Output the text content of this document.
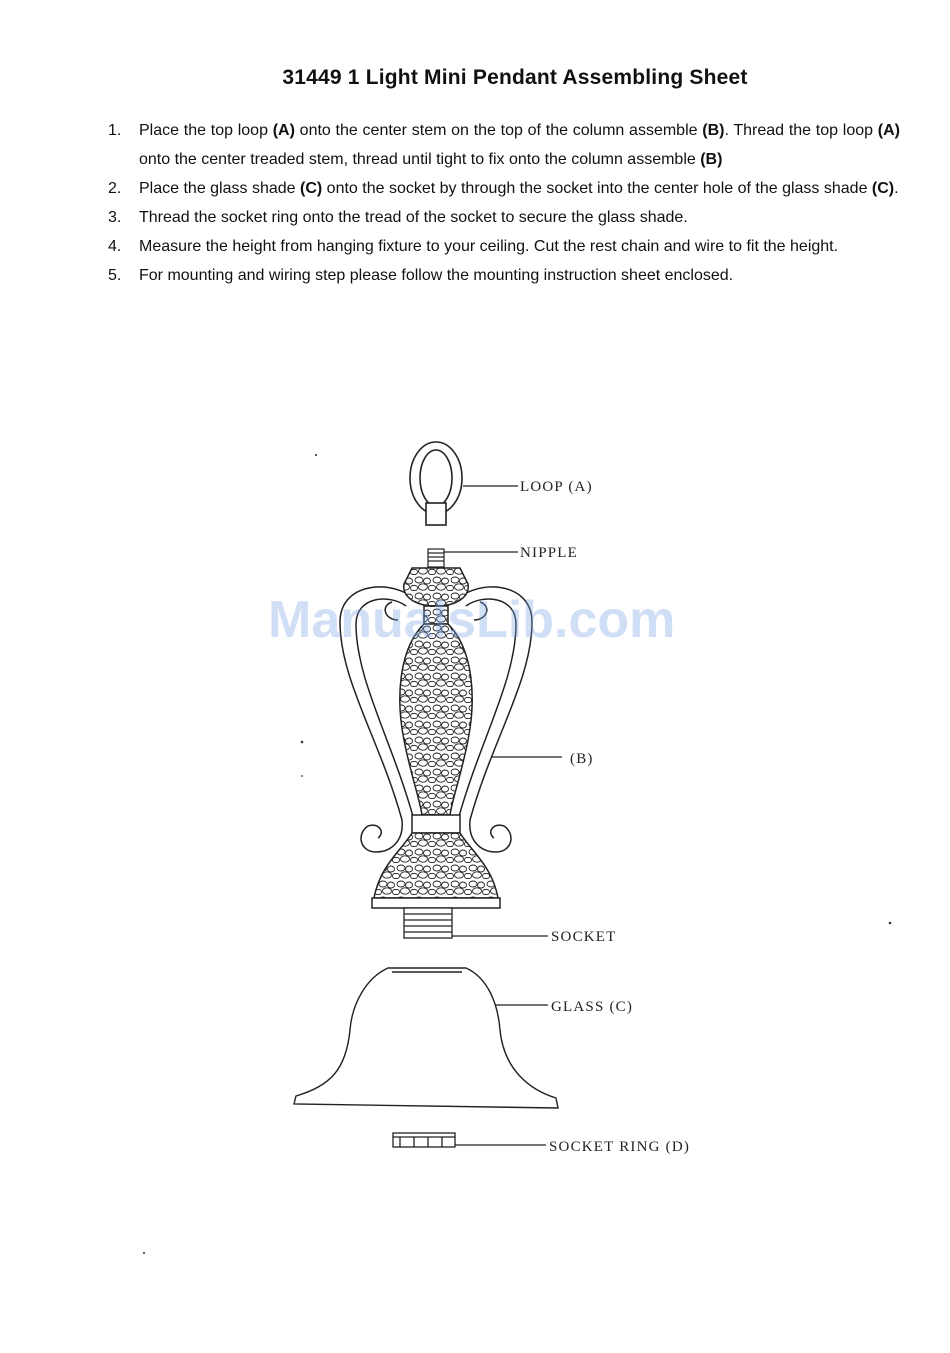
31449 1 Light Mini Pendant Assembling Sheet
1. Place the top loop (A) onto the center stem on the top of the column assemble (B). Thread the top loop (A) onto the center treaded stem, thread until tight to fix onto the column assemble (B)
2. Place the glass shade (C) onto the socket by through the socket into the center hole of the glass shade (C).
3. Thread the socket ring onto the tread of the socket to secure the glass shade.
4. Measure the height from hanging fixture to your ceiling. Cut the rest chain and wire to fit the height.
5. For mounting and wiring step please follow the mounting instruction sheet enclosed.
LOOP (A)
NIPPLE
(B)
SOCKET
GLASS (C)
SOCKET RING (D)
ManualsLib.com
